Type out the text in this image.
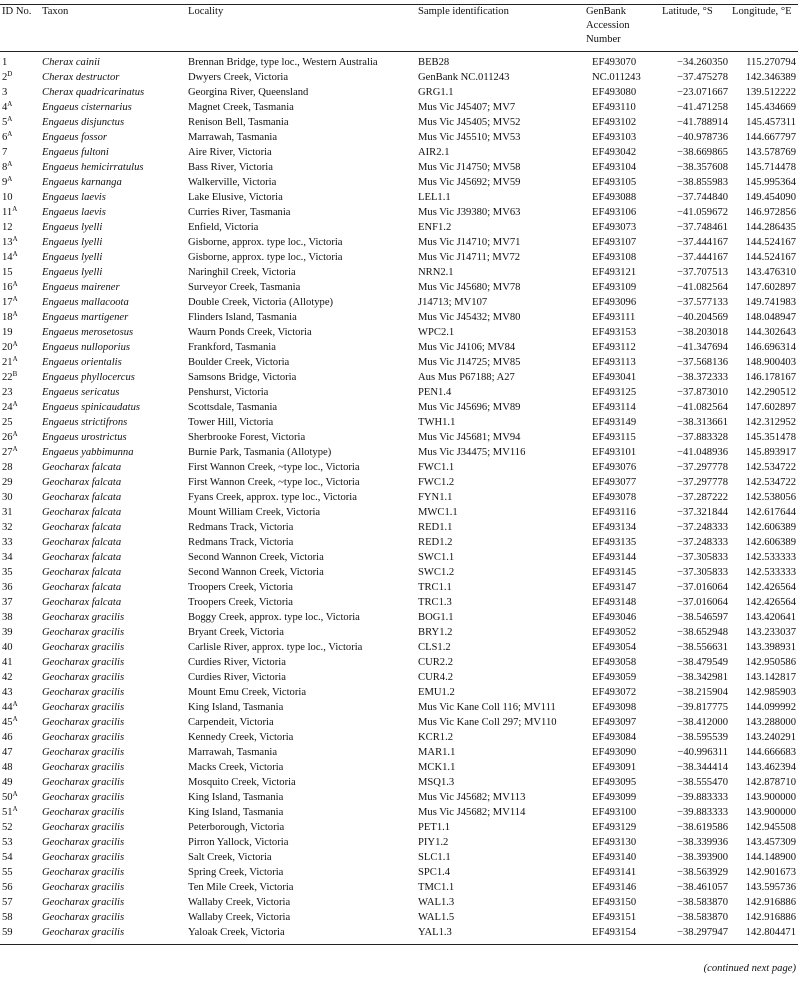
ID No.	Taxon	Locality	Sample identification	GenBank Accession Number	Latitude, °S	Longitude, °E
1	Cherax cainii	Brennan Bridge, type loc., Western Australia	BEB28	EF493070	−34.260350	115.270794
$2^D$	Cherax destructor	Dwyers Creek, Victoria	GenBank NC.011243	NC.011243	−37.475278	142.346389
3	Cherax quadricarinatus	Georgina River, Queensland	GRG1.1	EF493080	−23.071667	139.512222
$4^A$	Engaeus cisternarius	Magnet Creek, Tasmania	Mus Vic J45407; MV7	EF493110	−41.471258	145.434669
$5^A$	Engaeus disjunctus	Renison Bell, Tasmania	Mus Vic J45405; MV52	EF493102	−41.788914	145.457311
$6^A$	Engaeus fossor	Marrawah, Tasmania	Mus Vic J45510; MV53	EF493103	−40.978736	144.667797
7	Engaeus fultoni	Aire River, Victoria	AIR2.1	EF493042	−38.669865	143.578769
$8^A$	Engaeus hemicirratulus	Bass River, Victoria	Mus Vic J14750; MV58	EF493104	−38.357608	145.714478
$9^A$	Engaeus karnanga	Walkerville, Victoria	Mus Vic J45692; MV59	EF493105	−38.855983	145.995364
10	Engaeus laevis	Lake Elusive, Victoria	LEL1.1	EF493088	−37.744840	149.454090
$11^A$	Engaeus laevis	Curries River, Tasmania	Mus Vic J39380; MV63	EF493106	−41.059672	146.972856
12	Engaeus lyelli	Enfield, Victoria	ENF1.2	EF493073	−37.748461	144.286435
$13^A$	Engaeus lyelli	Gisborne, approx. type loc., Victoria	Mus Vic J14710; MV71	EF493107	−37.444167	144.524167
$14^A$	Engaeus lyelli	Gisborne, approx. type loc., Victoria	Mus Vic J14711; MV72	EF493108	−37.444167	144.524167
15	Engaeus lyelli	Naringhil Creek, Victoria	NRN2.1	EF493121	−37.707513	143.476310
$16^A$	Engaeus mairener	Surveyor Creek, Tasmania	Mus Vic J45680; MV78	EF493109	−41.082564	147.602897
$17^A$	Engaeus mallacoota	Double Creek, Victoria (Allotype)	J14713; MV107	EF493096	−37.577133	149.741983
$18^A$	Engaeus martigener	Flinders Island, Tasmania	Mus Vic J45432; MV80	EF493111	−40.204569	148.048947
19	Engaeus merosetosus	Waurn Ponds Creek, Victoria	WPC2.1	EF493153	−38.203018	144.302643
$20^A$	Engaeus nulloporius	Frankford, Tasmania	Mus Vic J4106; MV84	EF493112	−41.347694	146.696314
$21^A$	Engaeus orientalis	Boulder Creek, Victoria	Mus Vic J14725; MV85	EF493113	−37.568136	148.900403
$22^B$	Engaeus phyllocercus	Samsons Bridge, Victoria	Aus Mus P67188; A27	EF493041	−38.372333	146.178167
23	Engaeus sericatus	Penshurst, Victoria	PEN1.4	EF493125	−37.873010	142.290512
$24^A$	Engaeus spinicaudatus	Scottsdale, Tasmania	Mus Vic J45696; MV89	EF493114	−41.082564	147.602897
25	Engaeus strictifrons	Tower Hill, Victoria	TWH1.1	EF493149	−38.313661	142.312952
$26^A$	Engaeus urostrictus	Sherbrooke Forest, Victoria	Mus Vic J45681; MV94	EF493115	−37.883328	145.351478
$27^A$	Engaeus yabbimunna	Burnie Park, Tasmania (Allotype)	Mus Vic J34475; MV116	EF493101	−41.048936	145.893917
28	Geocharax falcata	First Wannon Creek, ~type loc., Victoria	FWC1.1	EF493076	−37.297778	142.534722
29	Geocharax falcata	First Wannon Creek, ~type loc., Victoria	FWC1.2	EF493077	−37.297778	142.534722
30	Geocharax falcata	Fyans Creek, approx. type loc., Victoria	FYN1.1	EF493078	−37.287222	142.538056
31	Geocharax falcata	Mount William Creek, Victoria	MWC1.1	EF493116	−37.321844	142.617644
32	Geocharax falcata	Redmans Track, Victoria	RED1.1	EF493134	−37.248333	142.606389
33	Geocharax falcata	Redmans Track, Victoria	RED1.2	EF493135	−37.248333	142.606389
34	Geocharax falcata	Second Wannon Creek, Victoria	SWC1.1	EF493144	−37.305833	142.533333
35	Geocharax falcata	Second Wannon Creek, Victoria	SWC1.2	EF493145	−37.305833	142.533333
36	Geocharax falcata	Troopers Creek, Victoria	TRC1.1	EF493147	−37.016064	142.426564
37	Geocharax falcata	Troopers Creek, Victoria	TRC1.3	EF493148	−37.016064	142.426564
38	Geocharax gracilis	Boggy Creek, approx. type loc., Victoria	BOG1.1	EF493046	−38.546597	143.420641
39	Geocharax gracilis	Bryant Creek, Victoria	BRY1.2	EF493052	−38.652948	143.233037
40	Geocharax gracilis	Carlisle River, approx. type loc., Victoria	CLS1.2	EF493054	−38.556631	143.398931
41	Geocharax gracilis	Curdies River, Victoria	CUR2.2	EF493058	−38.479549	142.950586
42	Geocharax gracilis	Curdies River, Victoria	CUR4.2	EF493059	−38.342981	143.142817
43	Geocharax gracilis	Mount Emu Creek, Victoria	EMU1.2	EF493072	−38.215904	142.985903
$44^A$	Geocharax gracilis	King Island, Tasmania	Mus Vic Kane Coll 116; MV111	EF493098	−39.817775	144.099992
$45^A$	Geocharax gracilis	Carpendeit, Victoria	Mus Vic Kane Coll 297; MV110	EF493097	−38.412000	143.288000
46	Geocharax gracilis	Kennedy Creek, Victoria	KCR1.2	EF493084	−38.595539	143.240291
47	Geocharax gracilis	Marrawah, Tasmania	MAR1.1	EF493090	−40.996311	144.666683
48	Geocharax gracilis	Macks Creek, Victoria	MCK1.1	EF493091	−38.344414	143.462394
49	Geocharax gracilis	Mosquito Creek, Victoria	MSQ1.3	EF493095	−38.555470	142.878710
$50^A$	Geocharax gracilis	King Island, Tasmania	Mus Vic J45682; MV113	EF493099	−39.883333	143.900000
$51^A$	Geocharax gracilis	King Island, Tasmania	Mus Vic J45682; MV114	EF493100	−39.883333	143.900000
52	Geocharax gracilis	Peterborough, Victoria	PET1.1	EF493129	−38.619586	142.945508
53	Geocharax gracilis	Pirron Yallock, Victoria	PIY1.2	EF493130	−38.339936	143.457309
54	Geocharax gracilis	Salt Creek, Victoria	SLC1.1	EF493140	−38.393900	144.148900
55	Geocharax gracilis	Spring Creek, Victoria	SPC1.4	EF493141	−38.563929	142.901673
56	Geocharax gracilis	Ten Mile Creek, Victoria	TMC1.1	EF493146	−38.461057	143.595736
57	Geocharax gracilis	Wallaby Creek, Victoria	WAL1.3	EF493150	−38.583870	142.916886
58	Geocharax gracilis	Wallaby Creek, Victoria	WAL1.5	EF493151	−38.583870	142.916886
59	Geocharax gracilis	Yaloak Creek, Victoria	YAL1.3	EF493154	−38.297947	142.804471

(continued next page)
